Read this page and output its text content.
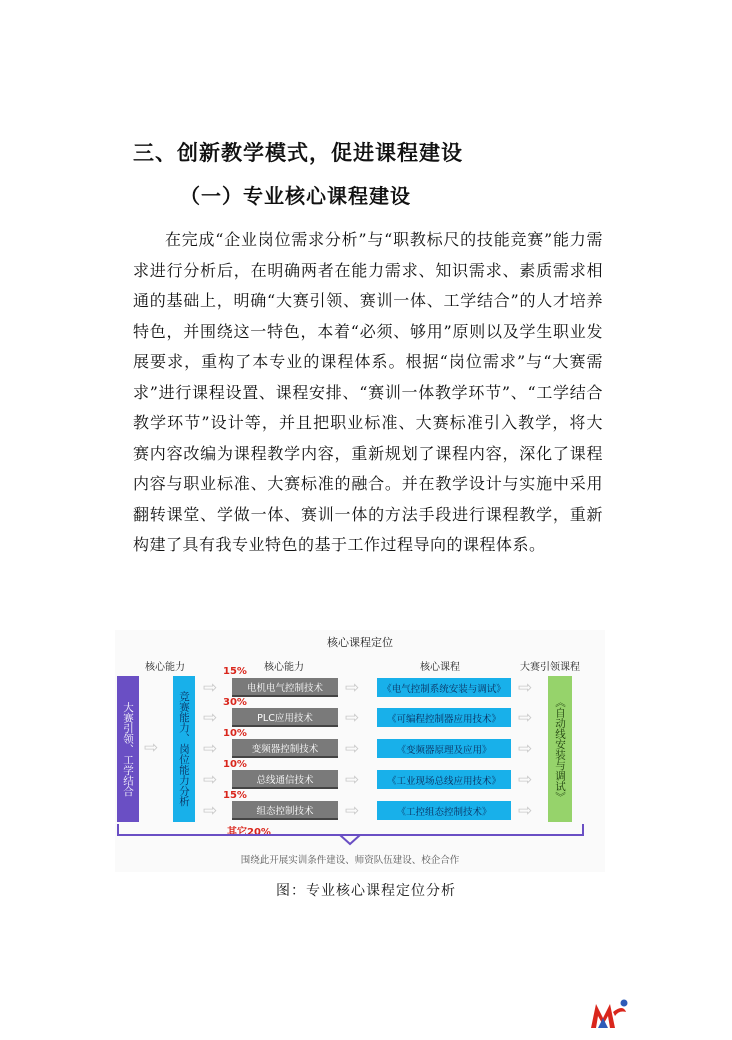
三、创新教学模式，促进课程建设
（一）专业核心课程建设

在完成“企业岗位需求分析”与“职教标尺的技能竞赛”能力需求进行分析后，在明确两者在能力需求、知识需求、素质需求相通的基础上，明确“大赛引领、赛训一体、工学结合”的人才培养特色，并围绕这一特色，本着“必须、够用”原则以及学生职业发展要求，重构了本专业的课程体系。根据“岗位需求”与“大赛需求”进行课程设置、课程安排、“赛训一体教学环节”、“工学结合教学环节”设计等，并且把职业标准、大赛标准引入教学，将大赛内容改编为课程教学内容，重新规划了课程内容，深化了课程内容与职业标准、大赛标准的融合。并在教学设计与实施中采用翻转课堂、学做一体、赛训一体的方法手段进行课程教学，重新构建了具有我专业特色的基于工作过程导向的课程体系。

核心课程定位
核心能力	核心能力	核心课程	大赛引领课程
大赛引领、工学结合 ⇨ 竞赛能力、岗位能力分析
15%
⇨	电机电气控制技术	⇨	《电气控制系统安装与调试》 ⇨
30%
⇨	PLC应用技术	⇨	《可编程控制器应用技术》	⇨
10%
⇨	变频器控制技术	⇨	《变频器原理及应用》	⇨
10%
⇨	总线通信技术	⇨	《工业现场总线应用技术》	⇨
15%
⇨	组态控制技术	⇨	《工控组态控制技术》	⇨
《自动线安装与调试》
其它20%
围绕此开展实训条件建设、师资队伍建设、校企合作
图：专业核心课程定位分析
